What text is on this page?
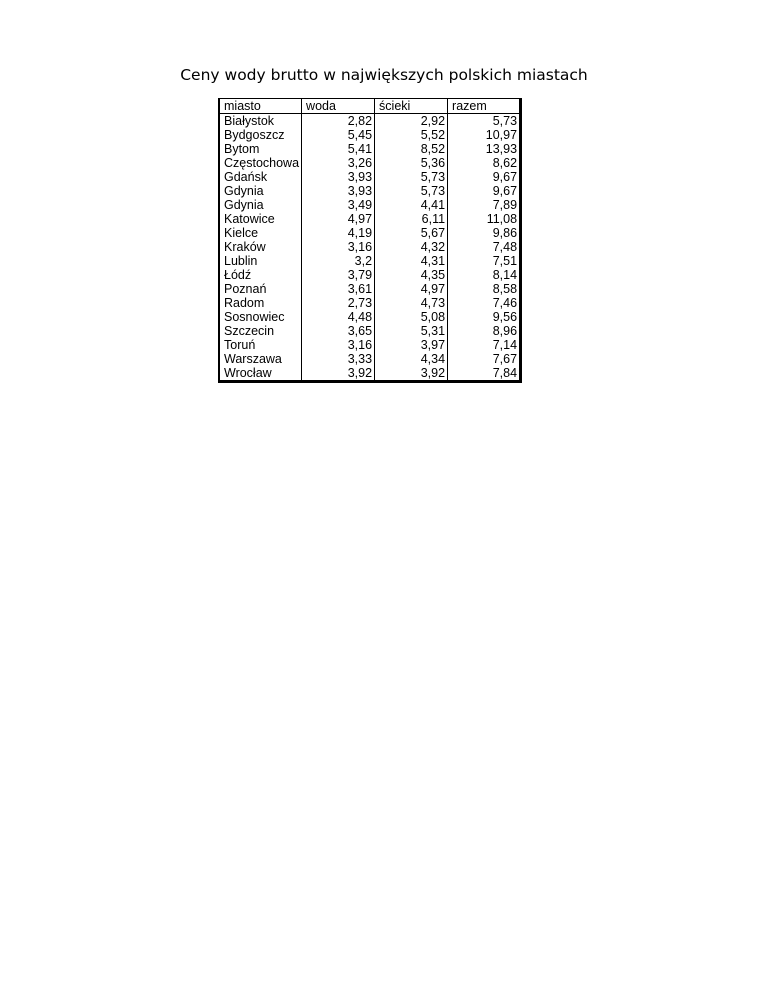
Ceny wody brutto w największych polskich miastach
miasto	woda	ścieki	razem
Białystok	2,82	2,92	5,73
Bydgoszcz	5,45	5,52	10,97
Bytom	5,41	8,52	13,93
Częstochowa	3,26	5,36	8,62
Gdańsk	3,93	5,73	9,67
Gdynia	3,93	5,73	9,67
Gdynia	3,49	4,41	7,89
Katowice	4,97	6,11	11,08
Kielce	4,19	5,67	9,86
Kraków	3,16	4,32	7,48
Lublin	3,2	4,31	7,51
Łódź	3,79	4,35	8,14
Poznań	3,61	4,97	8,58
Radom	2,73	4,73	7,46
Sosnowiec	4,48	5,08	9,56
Szczecin	3,65	5,31	8,96
Toruń	3,16	3,97	7,14
Warszawa	3,33	4,34	7,67
Wrocław	3,92	3,92	7,84
